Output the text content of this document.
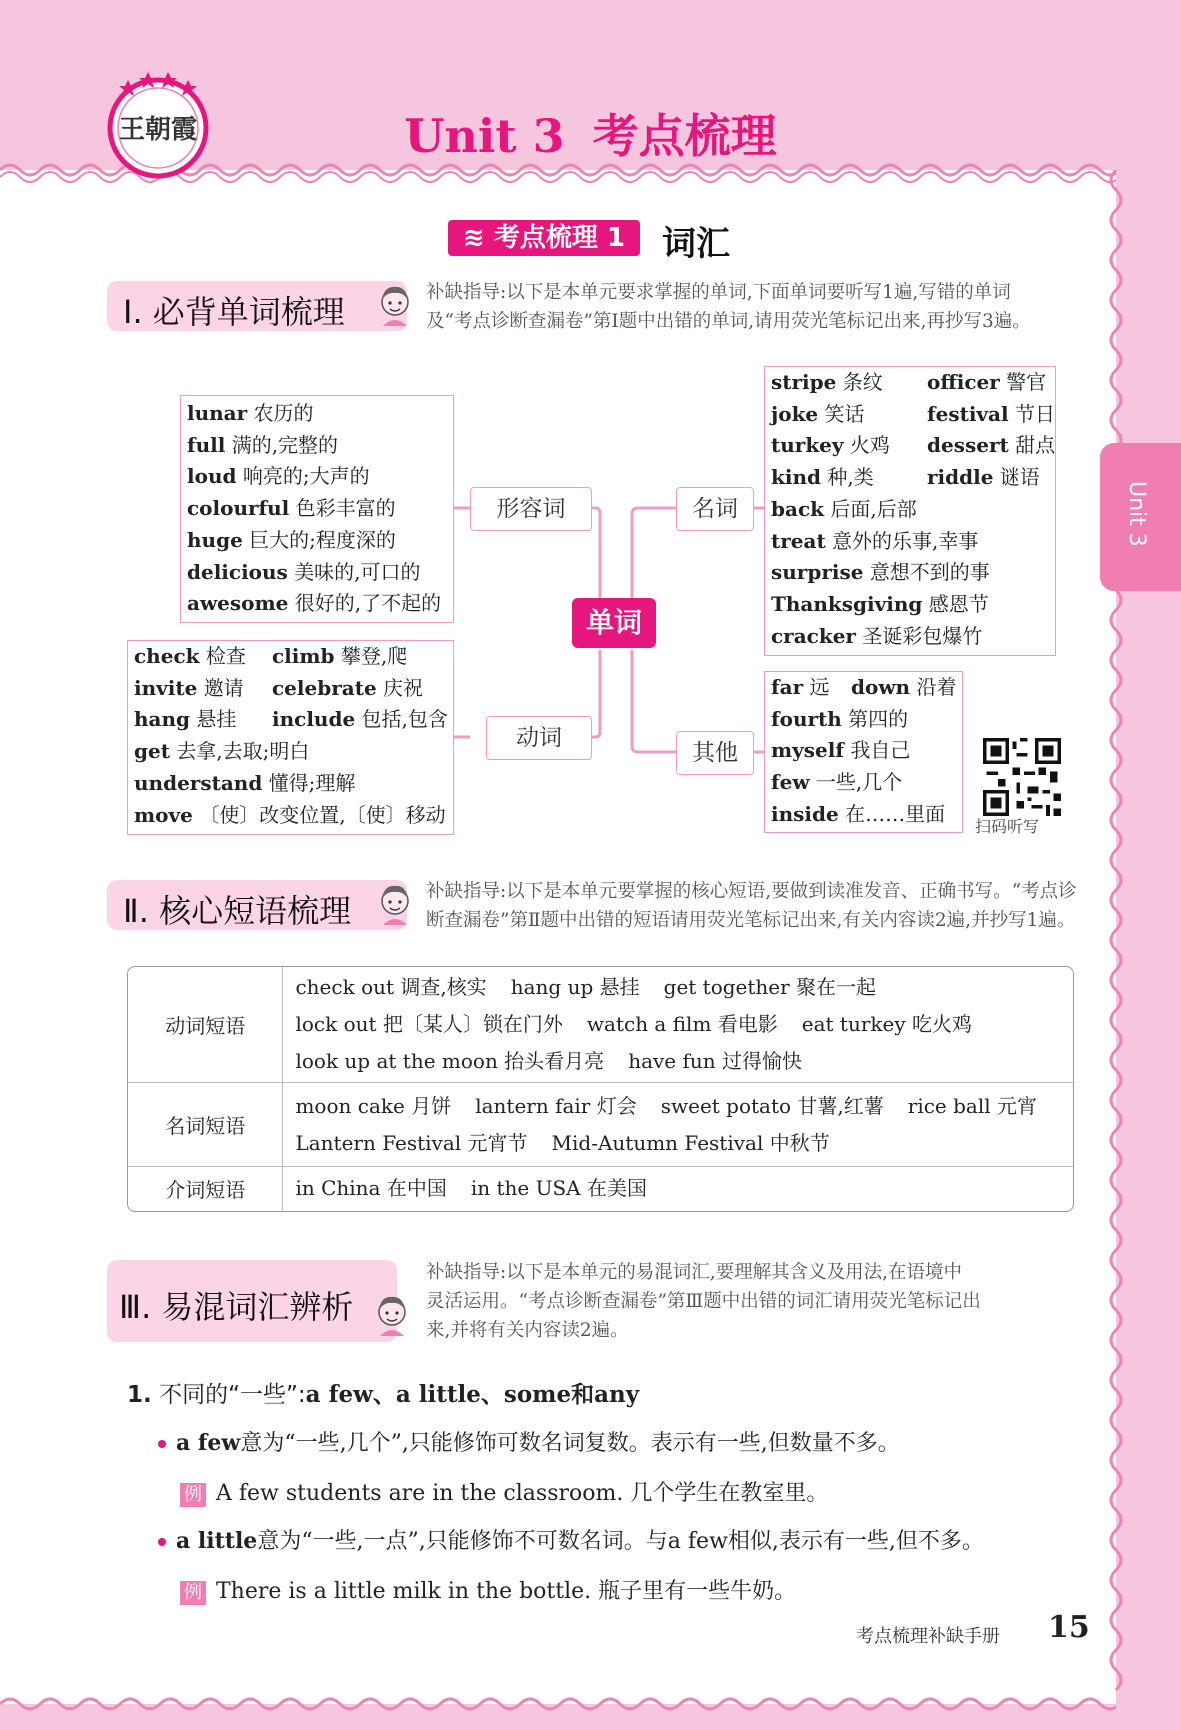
王朝霞	Unit 3 考点梳理
Unit 3
≋ 考点梳理 1	词汇
Ⅰ. 必背单词梳理
补缺指导:以下是本单元要求掌握的单词,下面单词要听写1遍,写错的单词
及“考点诊断查漏卷”第Ⅰ题中出错的单词,请用荧光笔标记出来,再抄写3遍。
lunar 农历的
full 满的,完整的
loud 响亮的;大声的
colourful 色彩丰富的
huge 巨大的;程度深的
delicious 美味的,可口的
awesome 很好的,了不起的
形容词
check 检查 climb 攀登,爬
invite 邀请 celebrate 庆祝
hang 悬挂 include 包括,包含
get 去拿,去取;明白
understand 懂得;理解
move 〔使〕改变位置,〔使〕移动
动词
单词
名词
stripe 条纹 officer 警官
joke 笑话	festival 节日
turkey 火鸡 dessert 甜点
kind 种,类	riddle 谜语
back 后面,后部
treat 意外的乐事,幸事
surprise 意想不到的事
Thanksgiving 感恩节
cracker 圣诞彩包爆竹
其他
far 远 down 沿着
fourth 第四的
myself 我自己
few 一些,几个
inside 在……里面
扫码听写
Ⅱ. 核心短语梳理
补缺指导:以下是本单元要掌握的核心短语,要做到读准发音、正确书写。“考点诊
断查漏卷”第Ⅱ题中出错的短语请用荧光笔标记出来,有关内容读2遍,并抄写1遍。
动词短语	check out 调查,核实 hang up 悬挂 get together 聚在一起
lock out 把〔某人〕锁在门外 watch a film 看电影 eat turkey 吃火鸡
look up at the moon 抬头看月亮 have fun 过得愉快

名词短语	moon cake 月饼 lantern fair 灯会 sweet potato 甘薯,红薯 rice ball 元宵
Lantern Festival 元宵节 Mid-Autumn Festival 中秋节

介词短语	in China 在中国 in the USA 在美国
Ⅲ. 易混词汇辨析
补缺指导:以下是本单元的易混词汇,要理解其含义及用法,在语境中
灵活运用。“考点诊断查漏卷”第Ⅲ题中出错的词汇请用荧光笔标记出
来,并将有关内容读2遍。
1. 不同的“一些”:a few、a little、some和any
a few意为“一些,几个”,只能修饰可数名词复数。表示有一些,但数量不多。
例 A few students are in the classroom. 几个学生在教室里。
a little意为“一些,一点”,只能修饰不可数名词。与a few相似,表示有一些,但不多。
例 There is a little milk in the bottle. 瓶子里有一些牛奶。
考点梳理补缺手册 15
